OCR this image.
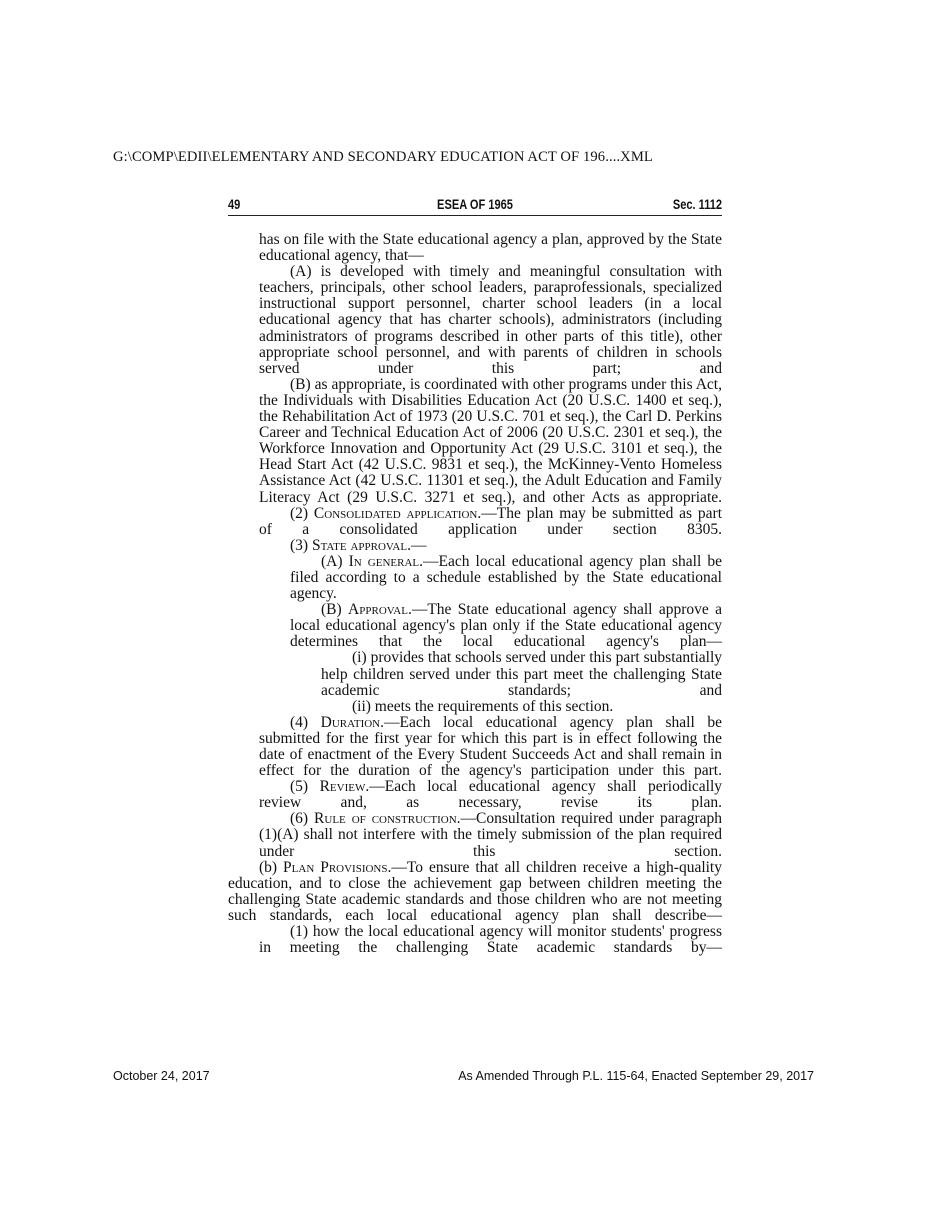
G:\COMP\EDII\ELEMENTARY AND SECONDARY EDUCATION ACT OF 196....XML
49	ESEA OF 1965	Sec. 1112

has on file with the State educational agency a plan, approved by the State educational agency, that—

(A) is developed with timely and meaningful consultation with teachers, principals, other school leaders, paraprofessionals, specialized instructional support personnel, charter school leaders (in a local educational agency that has charter schools), administrators (including administrators of programs described in other parts of this title), other appropriate school personnel, and with parents of children in schools served under this part; and

(B) as appropriate, is coordinated with other programs under this Act, the Individuals with Disabilities Education Act (20 U.S.C. 1400 et seq.), the Rehabilitation Act of 1973 (20 U.S.C. 701 et seq.), the Carl D. Perkins Career and Technical Education Act of 2006 (20 U.S.C. 2301 et seq.), the Workforce Innovation and Opportunity Act (29 U.S.C. 3101 et seq.), the Head Start Act (42 U.S.C. 9831 et seq.), the McKinney-Vento Homeless Assistance Act (42 U.S.C. 11301 et seq.), the Adult Education and Family Literacy Act (29 U.S.C. 3271 et seq.), and other Acts as appropriate.

(2) Consolidated application.—The plan may be submitted as part of a consolidated application under section 8305.

(3) State approval.—

(A) In general.—Each local educational agency plan shall be filed according to a schedule established by the State educational agency.

(B) Approval.—The State educational agency shall approve a local educational agency's plan only if the State educational agency determines that the local educational agency's plan—

(i) provides that schools served under this part substantially help children served under this part meet the challenging State academic standards; and

(ii) meets the requirements of this section.

(4) Duration.—Each local educational agency plan shall be submitted for the first year for which this part is in effect following the date of enactment of the Every Student Succeeds Act and shall remain in effect for the duration of the agency's participation under this part.

(5) Review.—Each local educational agency shall periodically review and, as necessary, revise its plan.

(6) Rule of construction.—Consultation required under paragraph (1)(A) shall not interfere with the timely submission of the plan required under this section.

(b) Plan Provisions.—To ensure that all children receive a high-quality education, and to close the achievement gap between children meeting the challenging State academic standards and those children who are not meeting such standards, each local educational agency plan shall describe—

(1) how the local educational agency will monitor students' progress in meeting the challenging State academic standards by—

October 24, 2017	As Amended Through P.L. 115-64, Enacted September 29, 2017
